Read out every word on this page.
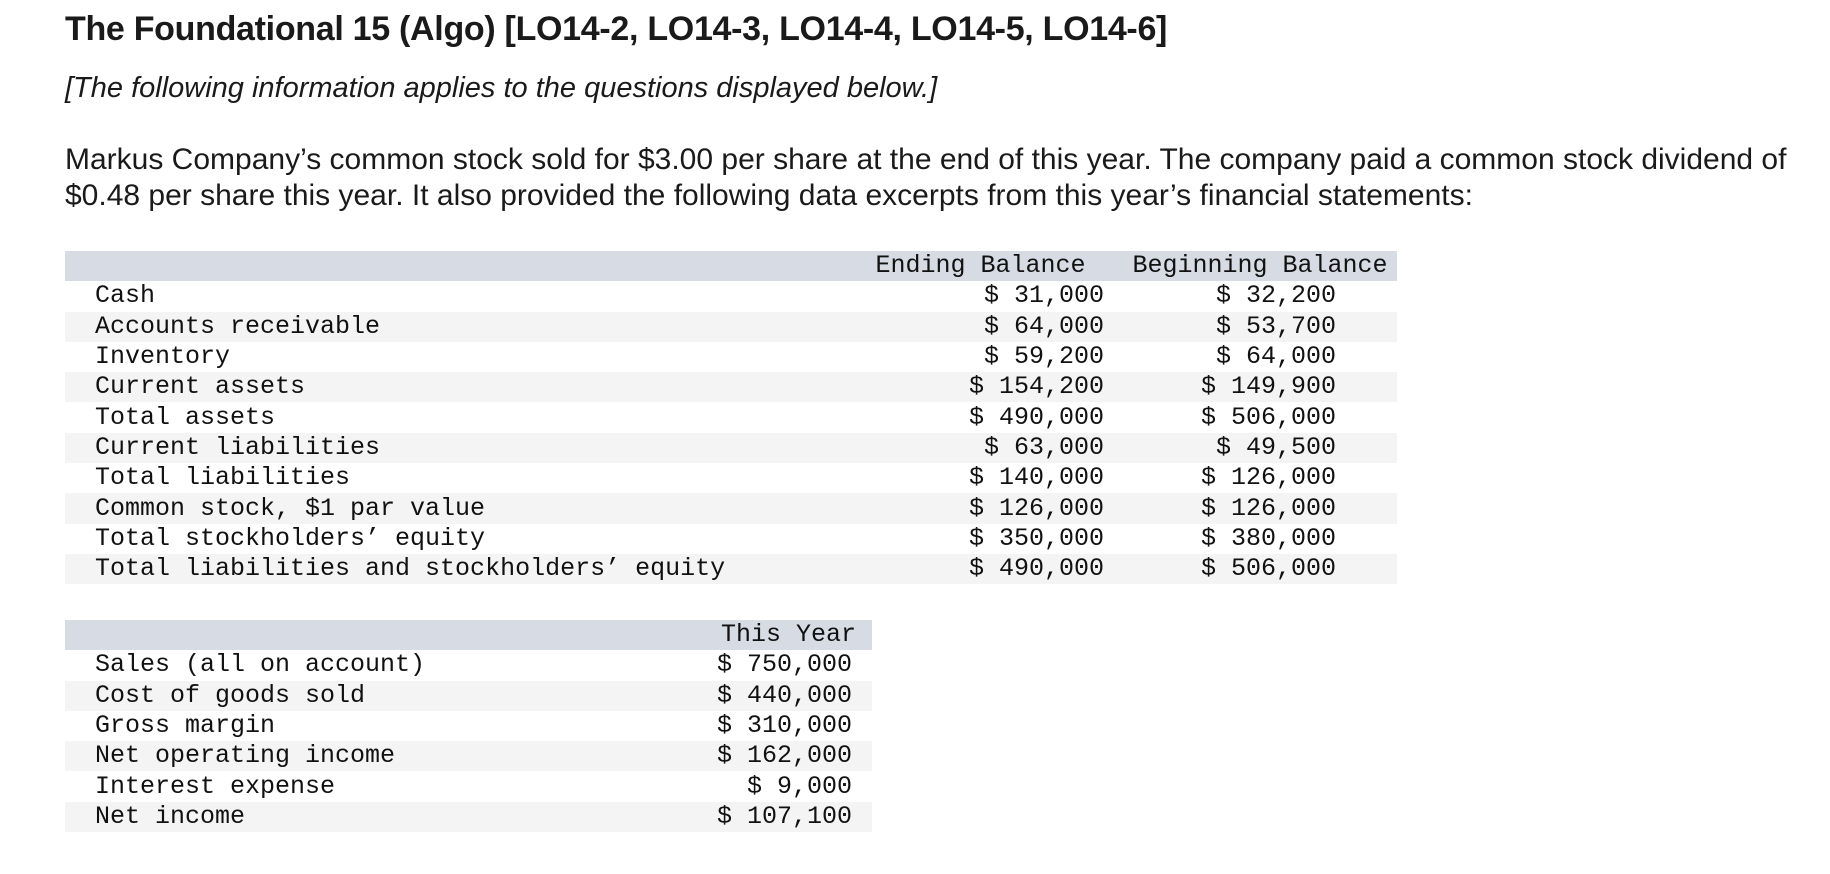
The Foundational 15 (Algo) [LO14-2, LO14-3, LO14-4, LO14-5, LO14-6]
[The following information applies to the questions displayed below.]
Markus Company’s common stock sold for $3.00 per share at the end of this year. The company paid a common stock dividend of $0.48 per share this year. It also provided the following data excerpts from this year’s financial statements:
	Ending Balance	Beginning Balance
Cash	$ 31,000	$ 32,200
Accounts receivable	$ 64,000	$ 53,700
Inventory	$ 59,200	$ 64,000
Current assets	$ 154,200	$ 149,900
Total assets	$ 490,000	$ 506,000
Current liabilities	$ 63,000	$ 49,500
Total liabilities	$ 140,000	$ 126,000
Common stock, $1 par value	$ 126,000	$ 126,000
Total stockholders’ equity	$ 350,000	$ 380,000
Total liabilities and stockholders’ equity	$ 490,000	$ 506,000
	This Year
Sales (all on account)	$ 750,000
Cost of goods sold	$ 440,000
Gross margin	$ 310,000
Net operating income	$ 162,000
Interest expense	$ 9,000
Net income	$ 107,100
